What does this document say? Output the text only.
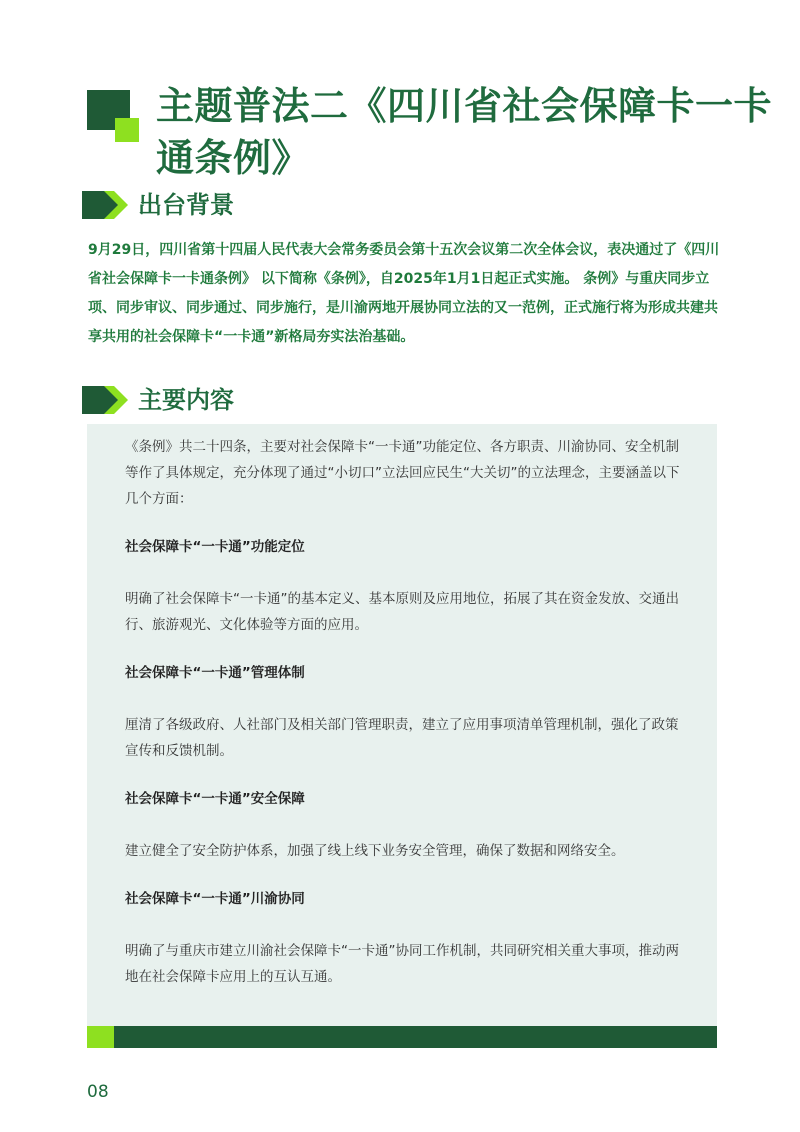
主题普法二《四川省社会保障卡一卡通条例》
出台背景
9月29日，四川省第十四届人民代表大会常务委员会第十五次会议第二次全体会议，表决通过了《四川省社会保障卡一卡通条例》 以下简称《条例》，自2025年1月1日起正式实施。 条例》与重庆同步立项、同步审议、同步通过、同步施行，是川渝两地开展协同立法的又一范例，正式施行将为形成共建共享共用的社会保障卡“一卡通”新格局夯实法治基础。
主要内容

《条例》共二十四条，主要对社会保障卡“一卡通”功能定位、各方职责、川渝协同、安全机制等作了具体规定，充分体现了通过“小切口”立法回应民生“大关切”的立法理念，主要涵盖以下几个方面：

社会保障卡“一卡通”功能定位

明确了社会保障卡“一卡通”的基本定义、基本原则及应用地位，拓展了其在资金发放、交通出行、旅游观光、文化体验等方面的应用。

社会保障卡“一卡通”管理体制

厘清了各级政府、人社部门及相关部门管理职责，建立了应用事项清单管理机制，强化了政策宣传和反馈机制。

社会保障卡“一卡通”安全保障

建立健全了安全防护体系，加强了线上线下业务安全管理，确保了数据和网络安全。

社会保障卡“一卡通”川渝协同

明确了与重庆市建立川渝社会保障卡“一卡通”协同工作机制，共同研究相关重大事项，推动两地在社会保障卡应用上的互认互通。

08
